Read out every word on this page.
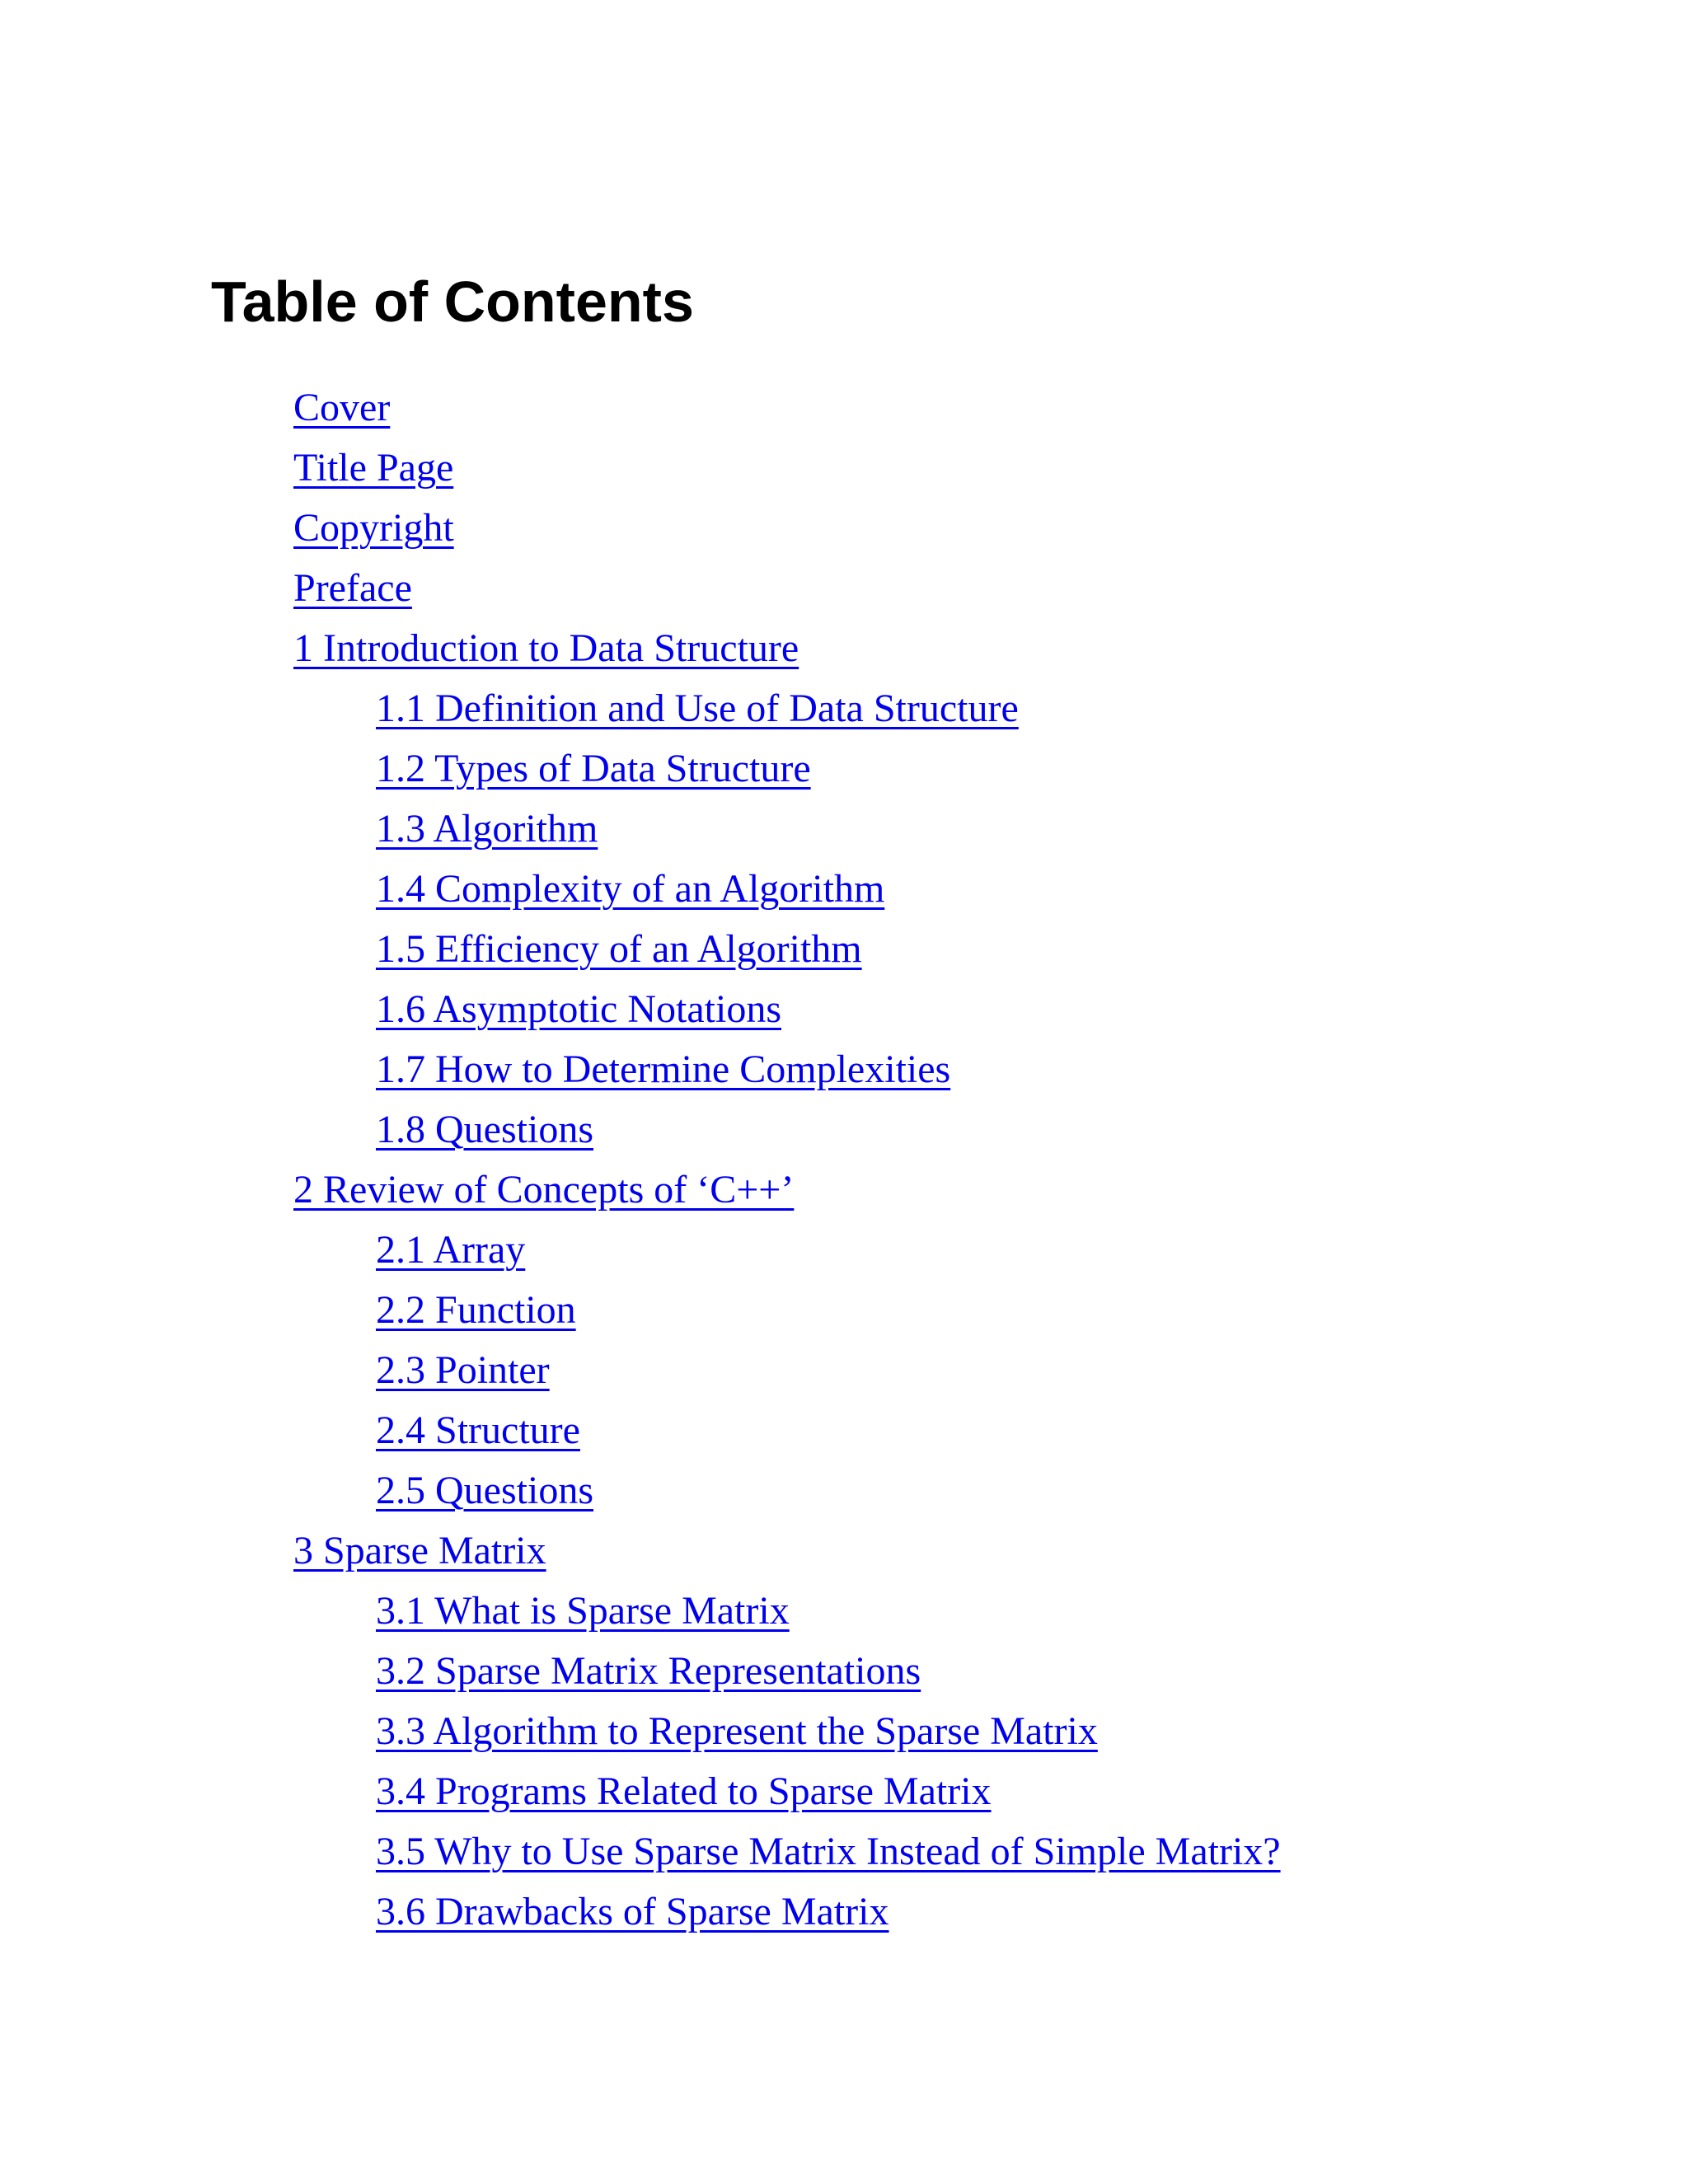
Table of Contents
Cover
Title Page
Copyright
Preface
1 Introduction to Data Structure
1.1 Definition and Use of Data Structure
1.2 Types of Data Structure
1.3 Algorithm
1.4 Complexity of an Algorithm
1.5 Efficiency of an Algorithm
1.6 Asymptotic Notations
1.7 How to Determine Complexities
1.8 Questions
2 Review of Concepts of ‘C++’
2.1 Array
2.2 Function
2.3 Pointer
2.4 Structure
2.5 Questions
3 Sparse Matrix
3.1 What is Sparse Matrix
3.2 Sparse Matrix Representations
3.3 Algorithm to Represent the Sparse Matrix
3.4 Programs Related to Sparse Matrix
3.5 Why to Use Sparse Matrix Instead of Simple Matrix?
3.6 Drawbacks of Sparse Matrix
